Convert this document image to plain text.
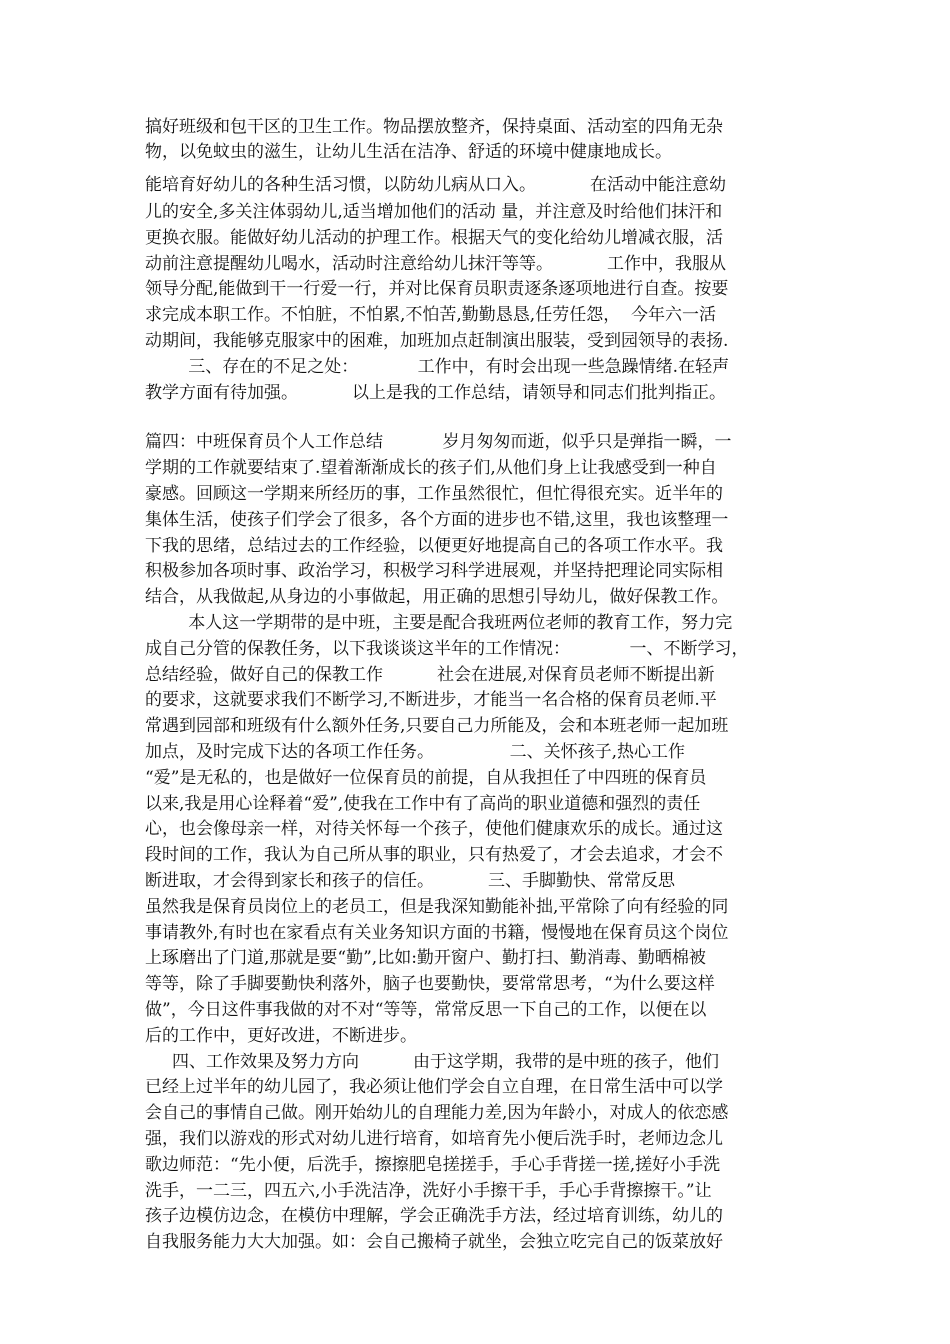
搞好班级和包干区的卫生工作。物品摆放整齐，保持桌面、活动室的四角无杂
物，以免蚊虫的滋生，让幼儿生活在洁净、舒适的环境中健康地成长。
能培育好幼儿的各种生活习惯，以防幼儿病从口入。          在活动中能注意幼
儿的安全,多关注体弱幼儿,适当增加他们的活动 量，并注意及时给他们抹汗和
更换衣服。能做好幼儿活动的护理工作。根据天气的变化给幼儿增减衣服，活
动前注意提醒幼儿喝水，活动时注意给幼儿抹汗等等。          工作中，我服从
领导分配,能做到干一行爱一行，并对比保育员职责逐条逐项地进行自查。按要
求完成本职工作。不怕脏，不怕累,不怕苦,勤勤恳恳,任劳任怨，  今年六一活
动期间，我能够克服家中的困难，加班加点赶制演出服装，受到园领导的表扬.
三、存在的不足之处：           工作中，有时会出现一些急躁情绪.在轻声
教学方面有待加强。          以上是我的工作总结，请领导和同志们批判指正。
篇四：中班保育员个人工作总结           岁月匆匆而逝，似乎只是弹指一瞬，一
学期的工作就要结束了.望着渐渐成长的孩子们,从他们身上让我感受到一种自
豪感。回顾这一学期来所经历的事，工作虽然很忙，但忙得很充实。近半年的
集体生活，使孩子们学会了很多，各个方面的进步也不错,这里，我也该整理一
下我的思绪，总结过去的工作经验，以便更好地提高自己的各项工作水平。我
积极参加各项时事、政治学习，积极学习科学进展观，并坚持把理论同实际相
结合，从我做起,从身边的小事做起，用正确的思想引导幼儿，做好保教工作。
本人这一学期带的是中班，主要是配合我班两位老师的教育工作，努力完
成自己分管的保教任务，以下我谈谈这半年的工作情况：           一、不断学习，
总结经验，做好自己的保教工作          社会在进展,对保育员老师不断提出新
的要求，这就要求我们不断学习,不断进步，才能当一名合格的保育员老师.平
常遇到园部和班级有什么额外任务,只要自己力所能及，会和本班老师一起加班
加点，及时完成下达的各项工作任务。              二、关怀孩子,热心工作
“爱”是无私的，也是做好一位保育员的前提，自从我担任了中四班的保育员
以来,我是用心诠释着“爱”,使我在工作中有了高尚的职业道德和强烈的责任
心，也会像母亲一样，对待关怀每一个孩子，使他们健康欢乐的成长。通过这
段时间的工作，我认为自己所从事的职业，只有热爱了，才会去追求，才会不
断进取，才会得到家长和孩子的信任。          三、手脚勤快、常常反思
虽然我是保育员岗位上的老员工，但是我深知勤能补拙,平常除了向有经验的同
事请教外,有时也在家看点有关业务知识方面的书籍，慢慢地在保育员这个岗位
上琢磨出了门道,那就是要“勤”,比如:勤开窗户、勤打扫、勤消毒、勤晒棉被
等等，除了手脚要勤快利落外，脑子也要勤快，要常常思考，“为什么要这样
做”，今日这件事我做的对不对“等等，常常反思一下自己的工作，以便在以
后的工作中，更好改进，不断进步。
四、工作效果及努力方向          由于这学期，我带的是中班的孩子，他们
已经上过半年的幼儿园了，我必须让他们学会自立自理，在日常生活中可以学
会自己的事情自己做。刚开始幼儿的自理能力差,因为年龄小，对成人的依恋感
强，我们以游戏的形式对幼儿进行培育，如培育先小便后洗手时，老师边念儿
歌边师范：“先小便，后洗手，擦擦肥皂搓搓手，手心手背搓一搓,搓好小手洗
洗手，一二三，四五六,小手洗洁净，洗好小手擦干手，手心手背擦擦干。”让
孩子边模仿边念，在模仿中理解，学会正确洗手方法，经过培育训练，幼儿的
自我服务能力大大加强。如：会自己搬椅子就坐，会独立吃完自己的饭菜放好
